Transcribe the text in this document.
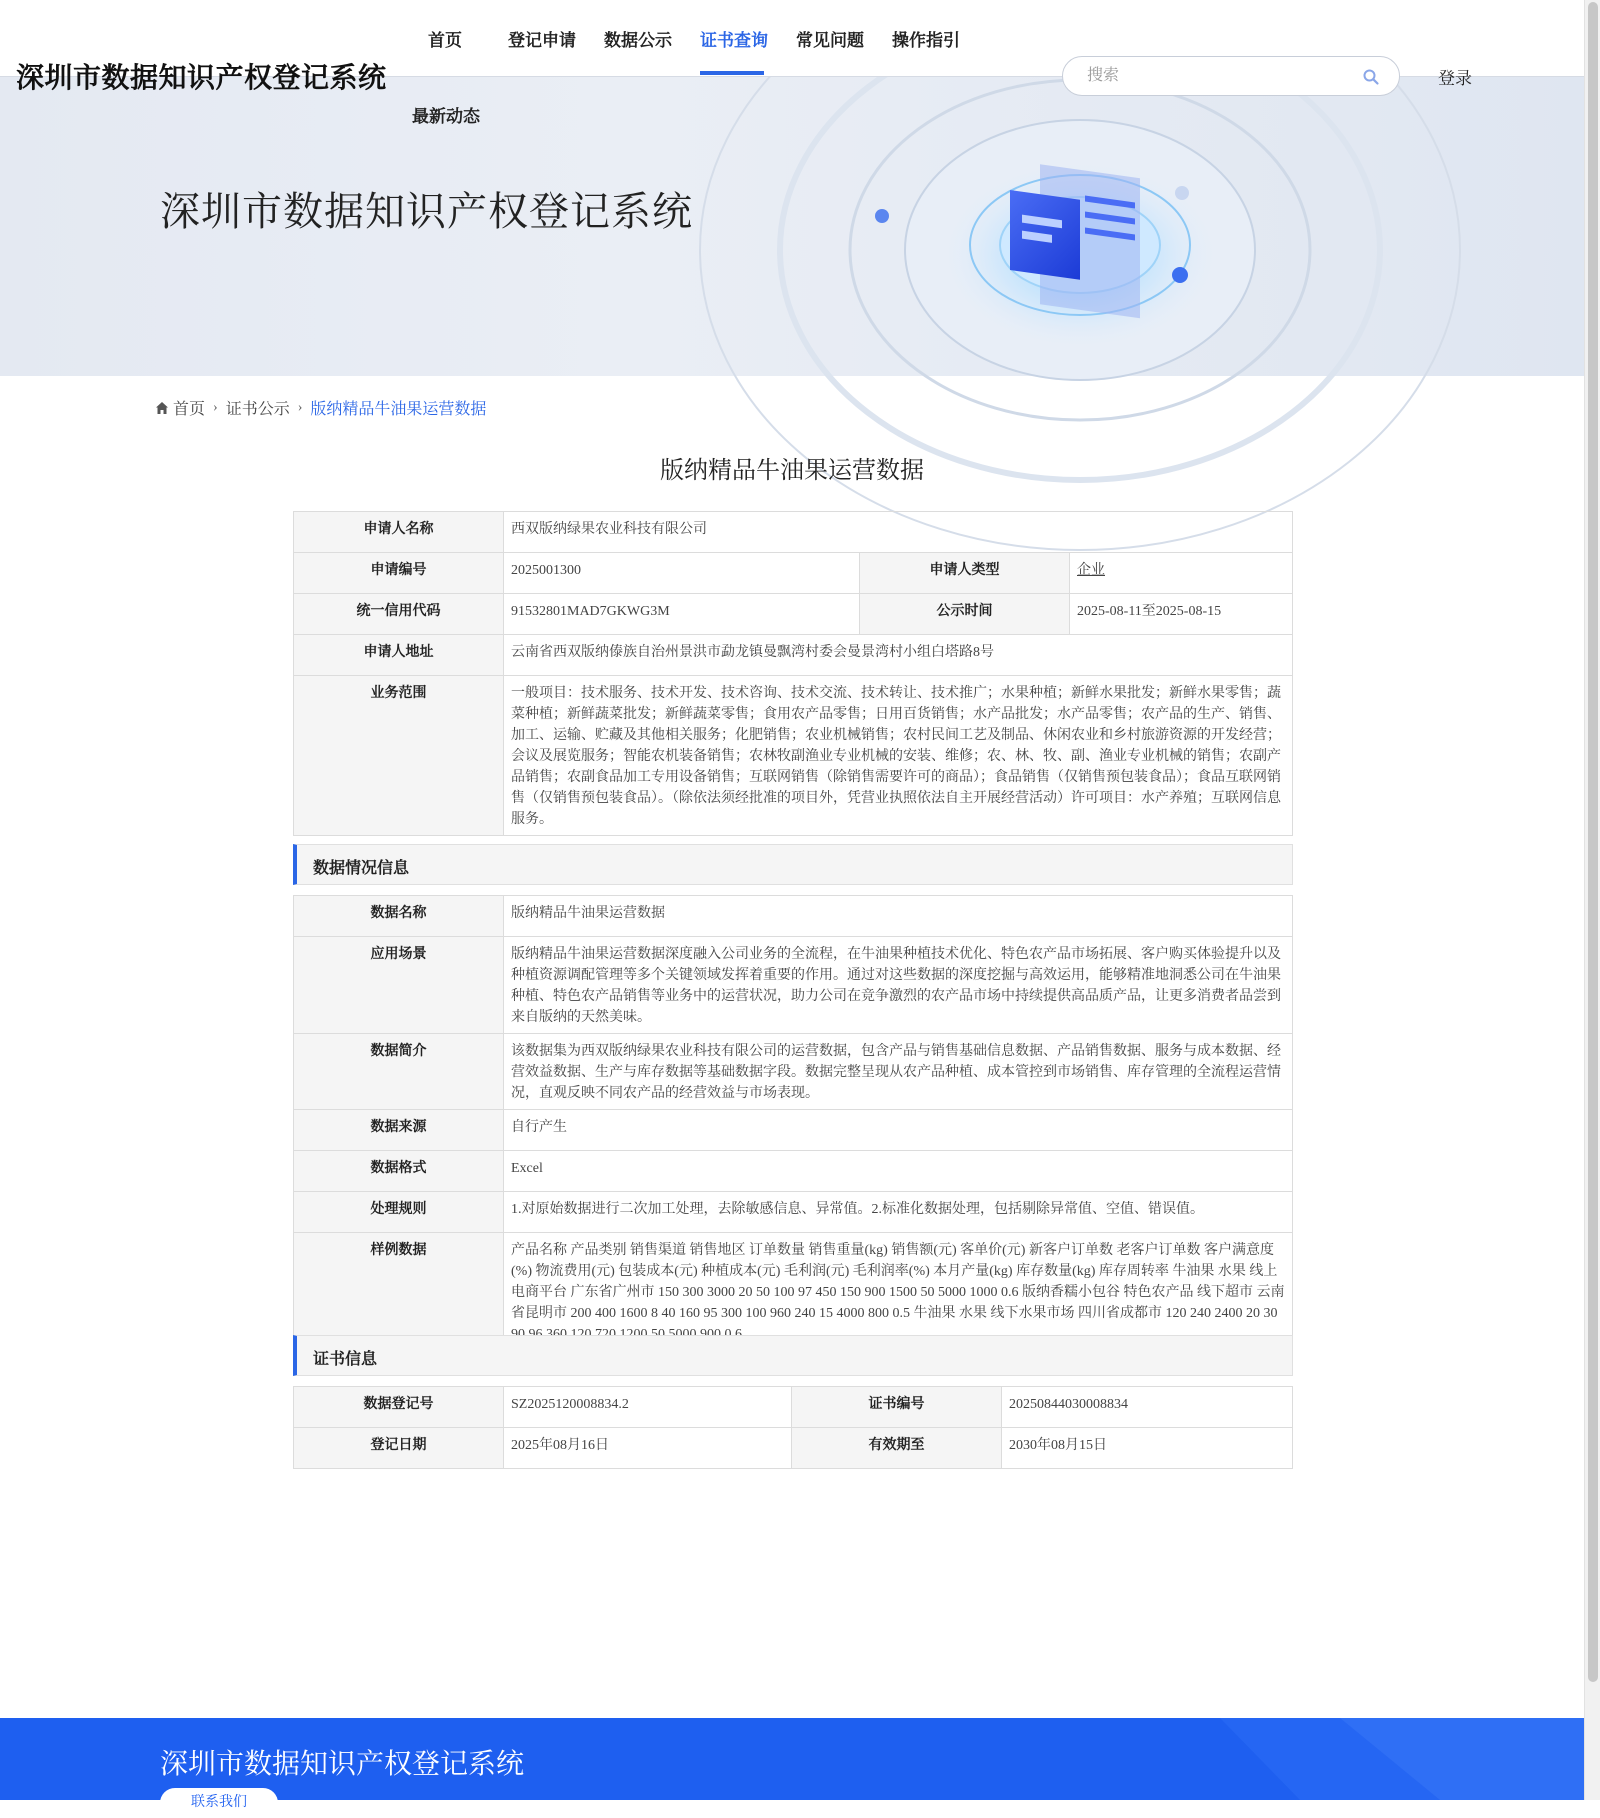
深圳市数据知识产权登记系统
首页	登记申请 数据公示 证书查询 常见问题 操作指引
最新动态
搜索
登录
深圳市数据知识产权登记系统
首页 › 证书公示 › 版纳精品牛油果运营数据
版纳精品牛油果运营数据
申请人名称	西双版纳绿果农业科技有限公司		
申请编号	2025001300	申请人类型	企业
统一信用代码	91532801MAD7GKWG3M	公示时间	2025-08-11至2025-08-15
申请人地址	云南省西双版纳傣族自治州景洪市勐龙镇曼飘湾村委会曼景湾村小组白塔路8号		
业务范围	一般项目：技术服务、技术开发、技术咨询、技术交流、技术转让、技术推广；水果种植；新鲜水果批发；新鲜水果零售；蔬菜种植；新鲜蔬菜批发；新鲜蔬菜零售；食用农产品零售；日用百货销售；水产品批发；水产品零售；农产品的生产、销售、加工、运输、贮藏及其他相关服务；化肥销售；农业机械销售；农村民间工艺及制品、休闲农业和乡村旅游资源的开发经营；会议及展览服务；智能农机装备销售；农林牧副渔业专业机械的安装、维修；农、林、牧、副、渔业专业机械的销售；农副产品销售；农副食品加工专用设备销售；互联网销售（除销售需要许可的商品）；食品销售（仅销售预包装食品）；食品互联网销售（仅销售预包装食品）。（除依法须经批准的项目外，凭营业执照依法自主开展经营活动）许可项目：水产养殖；互联网信息服务。		
数据情况信息
数据名称	版纳精品牛油果运营数据
应用场景	版纳精品牛油果运营数据深度融入公司业务的全流程，在牛油果种植技术优化、特色农产品市场拓展、客户购买体验提升以及种植资源调配管理等多个关键领域发挥着重要的作用。通过对这些数据的深度挖掘与高效运用，能够精准地洞悉公司在牛油果种植、特色农产品销售等业务中的运营状况，助力公司在竞争激烈的农产品市场中持续提供高品质产品，让更多消费者品尝到来自版纳的天然美味。
数据简介	该数据集为西双版纳绿果农业科技有限公司的运营数据，包含产品与销售基础信息数据、产品销售数据、服务与成本数据、经营效益数据、生产与库存数据等基础数据字段。数据完整呈现从农产品种植、成本管控到市场销售、库存管理的全流程运营情况，直观反映不同农产品的经营效益与市场表现。
数据来源	自行产生
数据格式	Excel
处理规则	1.对原始数据进行二次加工处理，去除敏感信息、异常值。2.标准化数据处理，包括剔除异常值、空值、错误值。
样例数据	产品名称 产品类别 销售渠道 销售地区 订单数量 销售重量(kg) 销售额(元) 客单价(元) 新客户订单数 老客户订单数 客户满意度(%) 物流费用(元) 包装成本(元) 种植成本(元) 毛利润(元) 毛利润率(%) 本月产量(kg) 库存数量(kg) 库存周转率 牛油果 水果 线上电商平台 广东省广州市 150 300 3000 20 50 100 97 450 150 900 1500 50 5000 1000 0.6 版纳香糯小包谷 特色农产品 线下超市 云南省昆明市 200 400 1600 8 40 160 95 300 100 960 240 15 4000 800 0.5 牛油果 水果 线下水果市场 四川省成都市 120 240 2400 20 30
证书信息
数据登记号	SZ2025120008834.2	证书编号	20250844030008834
登记日期	2025年08月16日	有效期至	2030年08月15日
深圳市数据知识产权登记系统
联系我们
